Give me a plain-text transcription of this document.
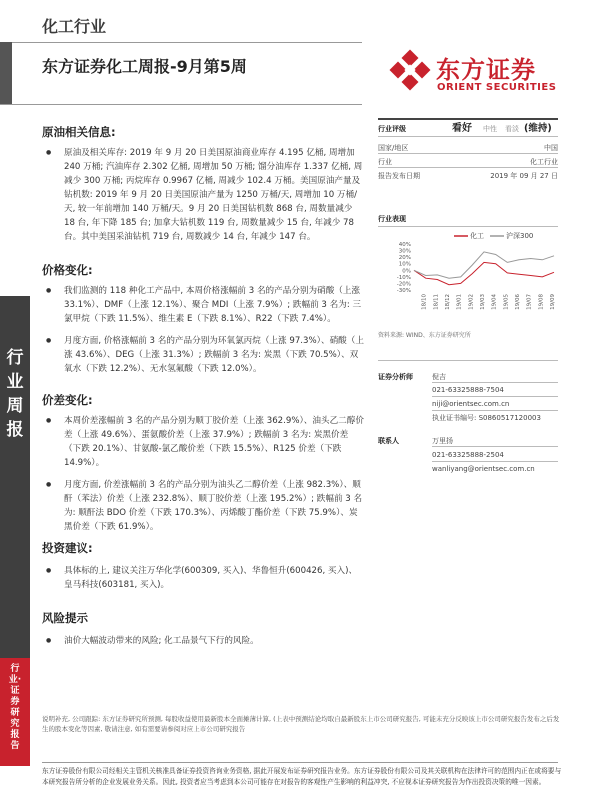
化工行业
东方证券化工周报-9月第5周	东方证券
ORIENT SECURITIES
行业周报
行业·证券研究报告
原油相关信息:
● 原油及相关库存: 2019 年 9 月 20 日美国原油商业库存 4.195 亿桶, 周增加 240 万桶; 汽油库存 2.302 亿桶, 周增加 50 万桶; 馏分油库存 1.337 亿桶, 周减少 300 万桶; 丙烷库存 0.9967 亿桶, 周减少 102.4 万桶。美国原油产量及钻机数: 2019 年 9 月 20 日美国原油产量为 1250 万桶/天, 周增加 10 万桶/天, 较一年前增加 140 万桶/天。9 月 20 日美国钻机数 868 台, 周数量减少 18 台, 年下降 185 台; 加拿大钻机数 119 台, 周数量减少 15 台, 年减少 78 台。其中美国采油钻机 719 台, 周数减少 14 台, 年减少 147 台。
价格变化:
● 我们监测的 118 种化工产品中, 本周价格涨幅前 3 名的产品分别为硝酸（上涨 33.1%）、DMF（上涨 12.1%）、聚合 MDI（上涨 7.9%）; 跌幅前 3 名为: 三氯甲烷（下跌 11.5%）、维生素 E（下跌 8.1%）、R22（下跌 7.4%）。
● 月度方面, 价格涨幅前 3 名的产品分别为环氧氯丙烷（上涨 97.3%）、硝酸（上涨 43.6%）、DEG（上涨 31.3%）; 跌幅前 3 名为: 炭黑（下跌 70.5%）、双氧水（下跌 12.2%）、无水氢氟酸（下跌 12.0%）。
价差变化:
● 本周价差涨幅前 3 名的产品分别为顺丁胶价差（上涨 362.9%）、油头乙二醇价差（上涨 49.6%）、蛋氨酸价差（上涨 37.9%）; 跌幅前 3 名为: 炭黑价差（下跌 20.1%）、甘氨酸-氯乙酸价差（下跌 15.5%）、R125 价差（下跌 14.9%）。
● 月度方面, 价差涨幅前 3 名的产品分别为油头乙二醇价差（上涨 982.3%）、顺酐（苯法）价差（上涨 232.8%）、顺丁胶价差（上涨 195.2%）; 跌幅前 3 名为: 顺酐法 BDO 价差（下跌 170.3%）、丙烯酸丁酯价差（下跌 75.9%）、炭黑价差（下跌 61.9%）。
投资建议:
● 具体标的上, 建议关注万华化学(600309, 买入)、华鲁恒升(600426, 买入)、皇马科技(603181, 买入)。
风险提示
● 油价大幅波动带来的风险; 化工品景气下行的风险。
行业评级	看好 中性 看淡 (维持)
国家/地区	中国
行业	化工行业
报告发布日期	2019 年 09 月 27 日
行业表现
40%
30%
20%
10%
0%
-10%
-20%
-30%
18/10 18/11 18/12 19/01 19/02 19/03 19/04 19/05 19/06 19/07 19/08 19/09
化工	沪深300
资料来源: WIND、东方证券研究所
证券分析师	倪吉
021-63325888-7504
niji@orientsec.com.cn
执业证书编号: S0860517120003
联系人	万里扬
021-63325888-2504
wanliyang@orientsec.com.cn
说明补充, 公司跟踪: 东方证券研究所预测, 每股收益使用最新股本全面摊薄计算, (上表中预测结论均取自最新股东上市公司研究报告, 可能未充分反映该上市公司研究报告发布之后发生的股本变化等因素, 敬请注意, 如有需要请参阅对应上市公司研究报告
东方证券股份有限公司经相关主管机关核准具备证券投资咨询业务资格, 据此开展发布证券研究报告业务。东方证券股份有限公司及其关联机构在法律许可的范围内正在或将要与本研究报告所分析的企业发展业务关系。因此, 投资者应当考虑到本公司可能存在对报告的客观性产生影响的利益冲突, 不应视本证券研究报告为作出投资决策的唯一因素。
